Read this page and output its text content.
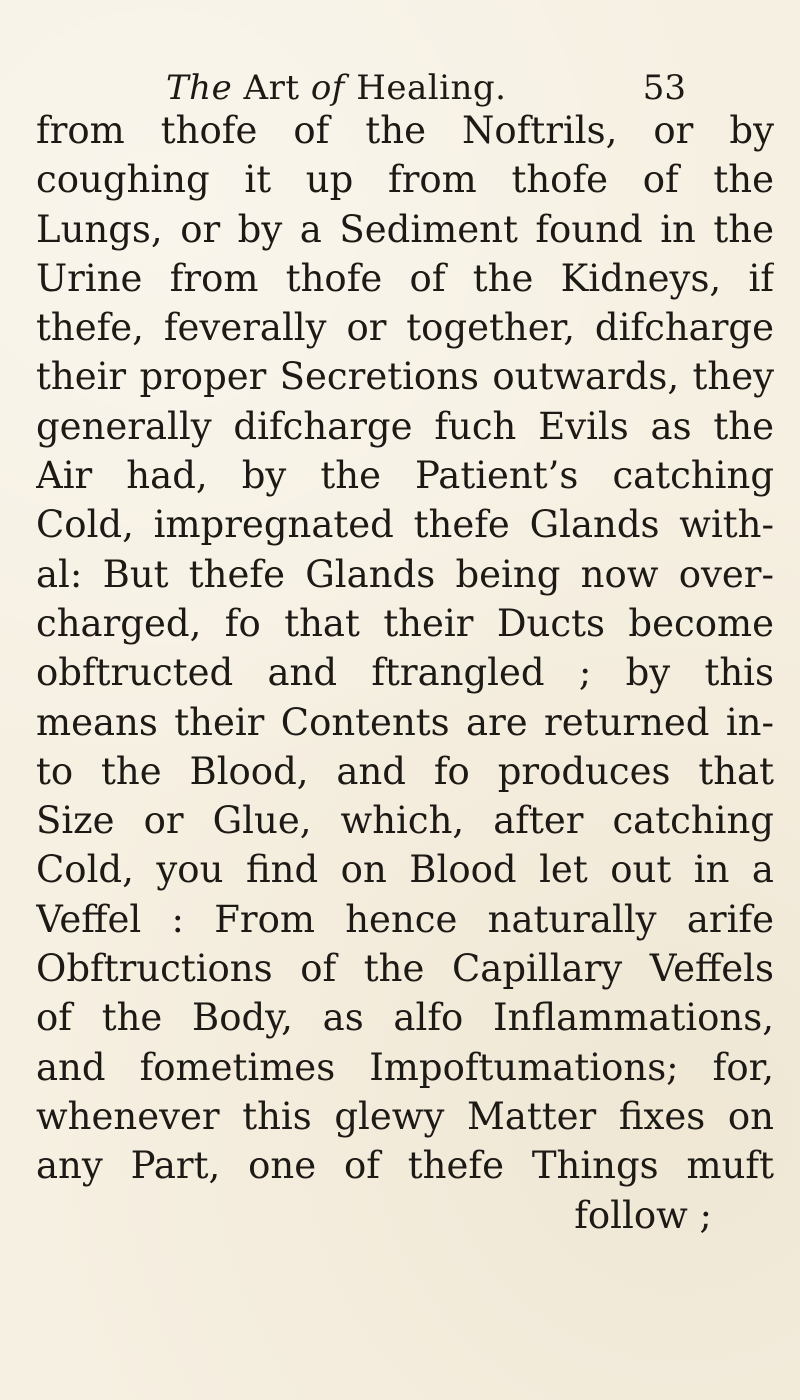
The Art of Healing.	53
from thofe of the Noftrils, or by
coughing it up from thofe of the
Lungs, or by a Sediment found in the
Urine from thofe of the Kidneys, if
thefe, feverally or together, difcharge
their proper Secretions outwards, they
generally difcharge fuch Evils as the
Air had, by the Patient’s catching
Cold, impregnated thefe Glands with-
al: But thefe Glands being now over-
charged, fo that their Ducts become
obftructed and ftrangled ; by this
means their Contents are returned in-
to the Blood, and fo produces that
Size or Glue, which, after catching
Cold, you find on Blood let out in a
Veffel : From hence naturally arife
Obftructions of the Capillary Veffels
of the Body, as alfo Inflammations,
and fometimes Impoftumations; for,
whenever this glewy Matter fixes on
any Part, one of thefe Things muft
follow ;
